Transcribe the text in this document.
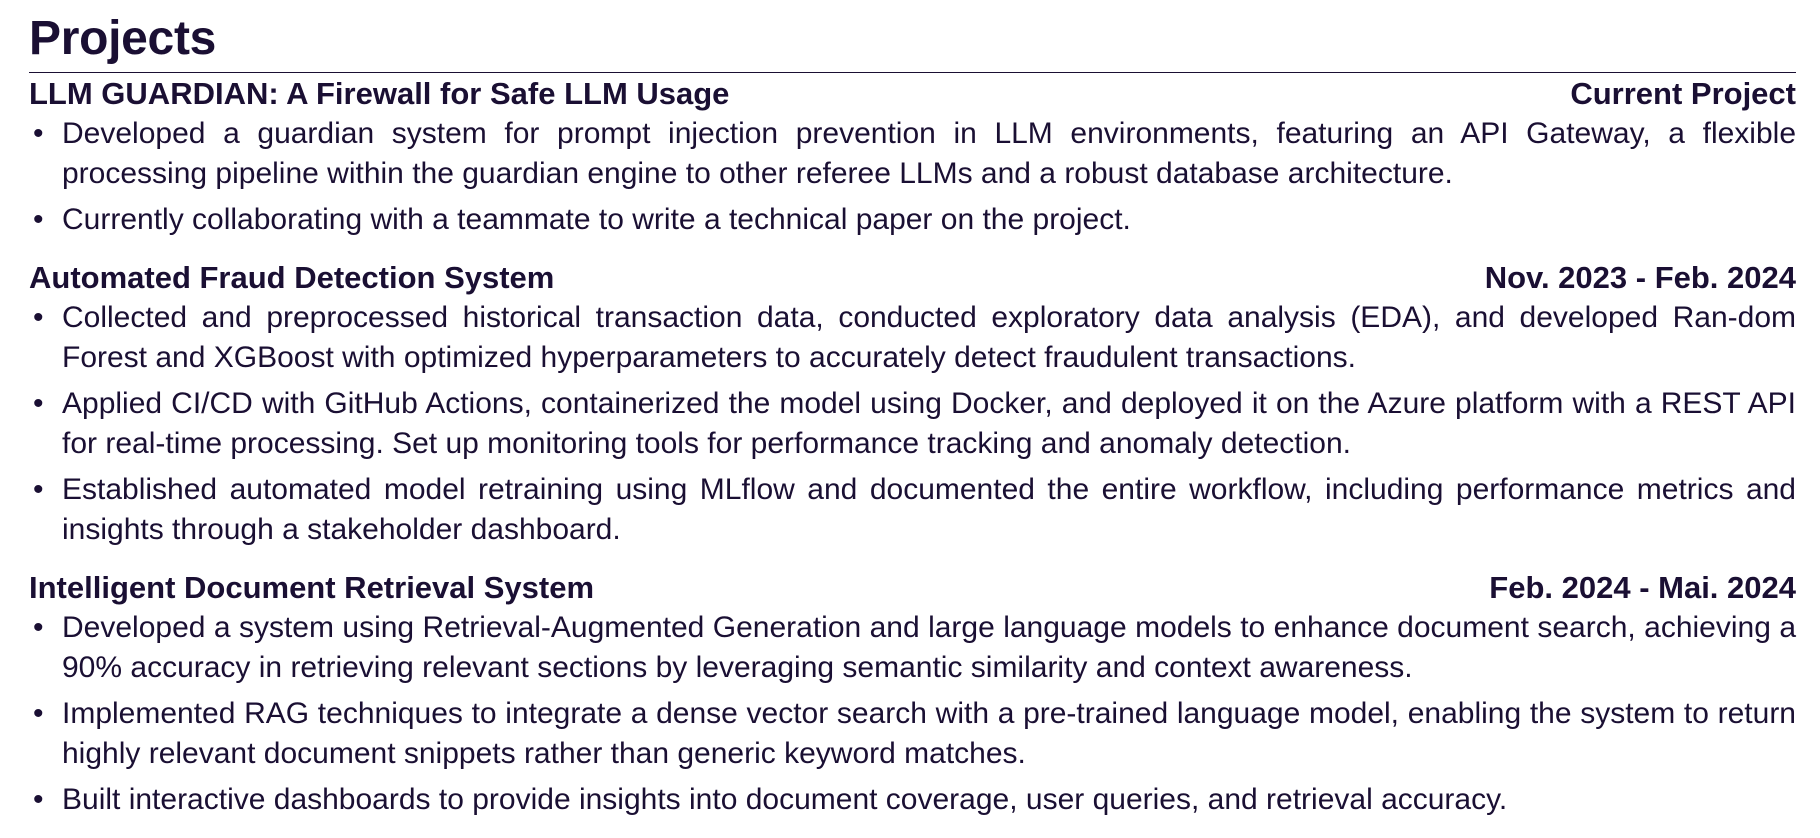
Projects
LLM GUARDIAN: A Firewall for Safe LLM Usage	Current Project
• Developed a guardian system for prompt injection prevention in LLM environments, featuring an API Gateway, a flexible processing pipeline within the guardian engine to other referee LLMs and a robust database architecture.
• Currently collaborating with a teammate to write a technical paper on the project.
Automated Fraud Detection System	Nov. 2023 - Feb. 2024
• Collected and preprocessed historical transaction data, conducted exploratory data analysis (EDA), and developed Ran-dom Forest and XGBoost with optimized hyperparameters to accurately detect fraudulent transactions.
• Applied CI/CD with GitHub Actions, containerized the model using Docker, and deployed it on the Azure platform with a REST API for real-time processing. Set up monitoring tools for performance tracking and anomaly detection.
• Established automated model retraining using MLflow and documented the entire workflow, including performance metrics and insights through a stakeholder dashboard.
Intelligent Document Retrieval System	Feb. 2024 - Mai. 2024
• Developed a system using Retrieval-Augmented Generation and large language models to enhance document search, achieving a 90% accuracy in retrieving relevant sections by leveraging semantic similarity and context awareness.
• Implemented RAG techniques to integrate a dense vector search with a pre-trained language model, enabling the system to return highly relevant document snippets rather than generic keyword matches.
• Built interactive dashboards to provide insights into document coverage, user queries, and retrieval accuracy.
